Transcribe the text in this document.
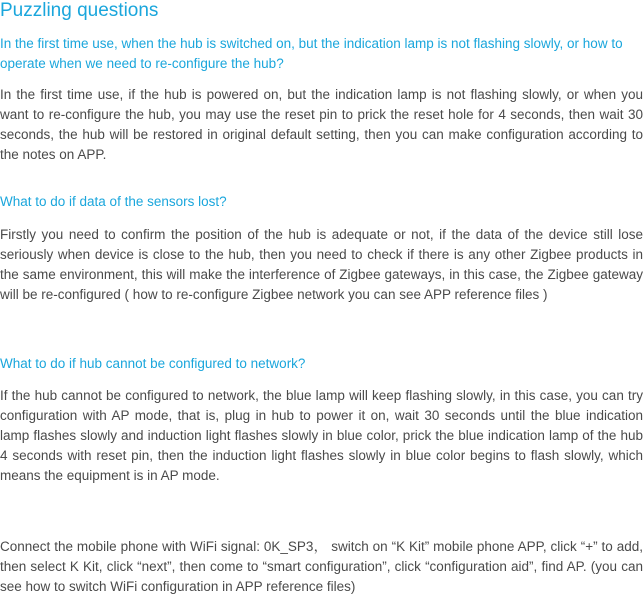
Puzzling questions

In the first time use, when the hub is switched on, but the indication lamp is not flashing slowly, or how to operate when we need to re-configure the hub?

In the first time use, if the hub is powered on, but the indication lamp is not flashing slowly, or when you want to re-configure the hub, you may use the reset pin to prick the reset hole for 4 seconds, then wait 30 seconds, the hub will be restored in original default setting, then you can make configuration according to the notes on APP.

What to do if data of the sensors lost?

Firstly you need to confirm the position of the hub is adequate or not, if the data of the device still lose seriously when device is close to the hub, then you need to check if there is any other Zigbee products in the same environment, this will make the interference of Zigbee gateways, in this case, the Zigbee gateway will be re-configured ( how to re-configure Zigbee network you can see APP reference files )

What to do if hub cannot be configured to network?

If the hub cannot be configured to network, the blue lamp will keep flashing slowly, in this case, you can try configuration with AP mode, that is, plug in hub to power it on, wait 30 seconds until the blue indication lamp flashes slowly and induction light flashes slowly in blue color, prick the blue indication lamp of the hub 4 seconds with reset pin, then the induction light flashes slowly in blue color begins to flash slowly, which means the equipment is in AP mode.

Connect the mobile phone with WiFi signal: 0K_SP3， switch on “K Kit” mobile phone APP, click “+” to add, then select K Kit, click “next”, then come to “smart configuration”, click “configuration aid”, find AP. (you can see how to switch WiFi configuration in APP reference files)
